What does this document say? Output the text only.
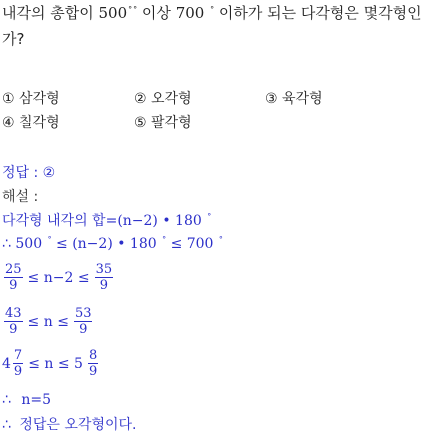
내각의 총합이 500°° 이상 700 ° 이하가 되는 다각형은 몇각형인
가?
① 삼각형	② 오각형	③ 육각형
④ 칠각형	⑤ 팔각형
정답 : ②
해설 :
다각형 내각의 합=(n−2) • 180 °
∴ 500 ° ≤ (n−2) • 180 ° ≤ 700 °
$\frac{25}{9} \le n-2 \le \frac{35}{9}$
$\frac{43}{9} \le n \le \frac{53}{9}$
$4 \frac{7}{9} \le n \le 5 \frac{8}{9}$
∴ n=5
∴ 정답은 오각형이다.
